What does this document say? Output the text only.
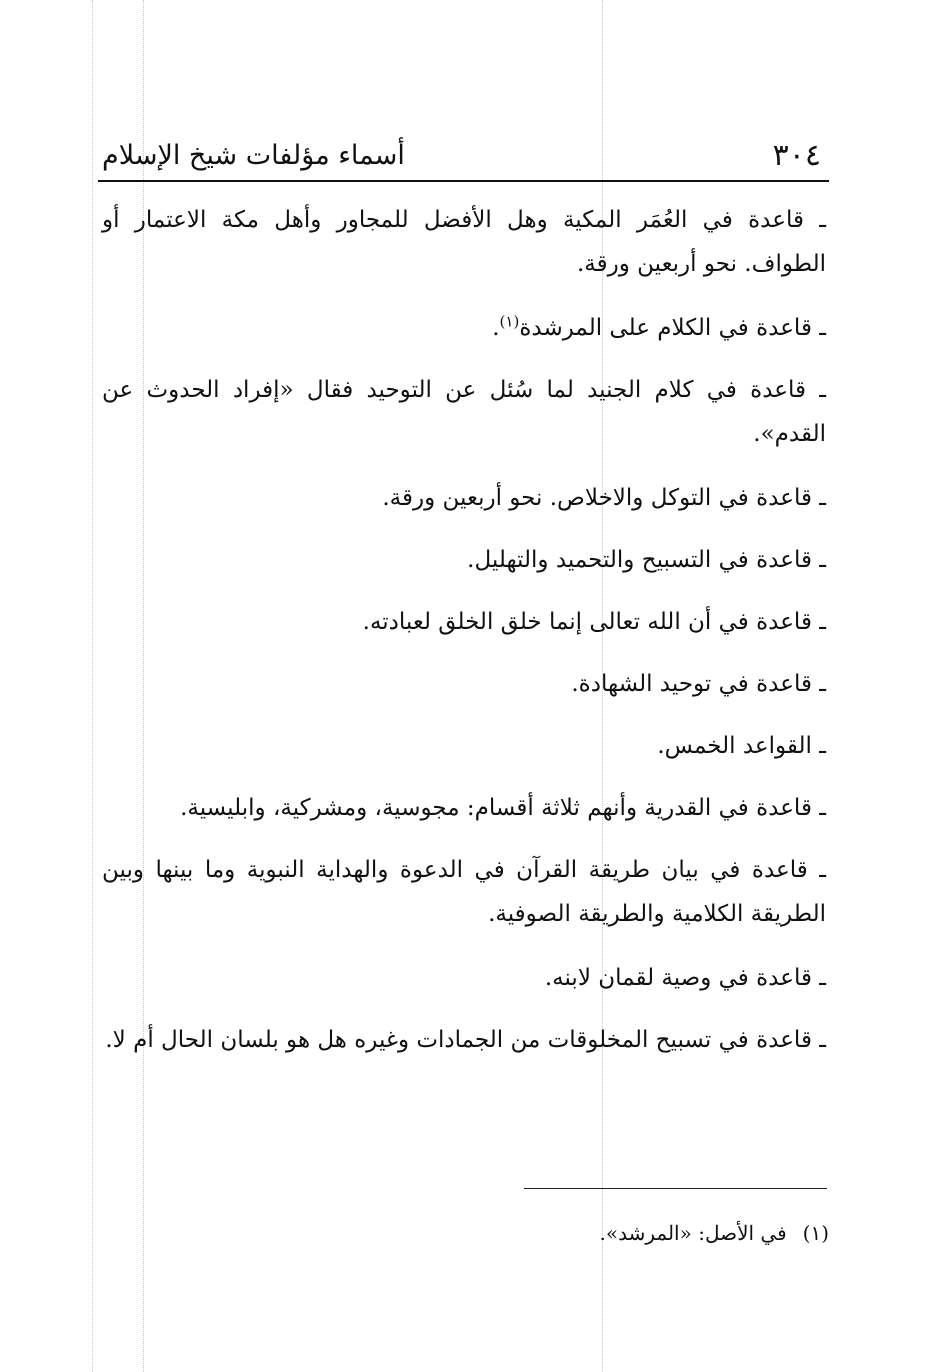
٣٠٤
أسماء مؤلفات شيخ الإسلام

ـ قاعدة في العُمَر المكية وهل الأفضل للمجاور وأهل مكة الاعتمار أو الطواف. نحو أربعين ورقة.

ـ قاعدة في الكلام على المرشدة$^{(١)}$.

ـ قاعدة في كلام الجنيد لما سُئل عن التوحيد فقال «إفراد الحدوث عن القدم».

ـ قاعدة في التوكل والاخلاص. نحو أربعين ورقة.

ـ قاعدة في التسبيح والتحميد والتهليل.

ـ قاعدة في أن الله تعالى إنما خلق الخلق لعبادته.

ـ قاعدة في توحيد الشهادة.

ـ القواعد الخمس.

ـ قاعدة في القدرية وأنهم ثلاثة أقسام: مجوسية، ومشركية، وابليسية.

ـ قاعدة في بيان طريقة القرآن في الدعوة والهداية النبوية وما بينها وبين الطريقة الكلامية والطريقة الصوفية.

ـ قاعدة في وصية لقمان لابنه.

ـ قاعدة في تسبيح المخلوقات من الجمادات وغيره هل هو بلسان الحال أم لا.

(١)في الأصل: «المرشد».
